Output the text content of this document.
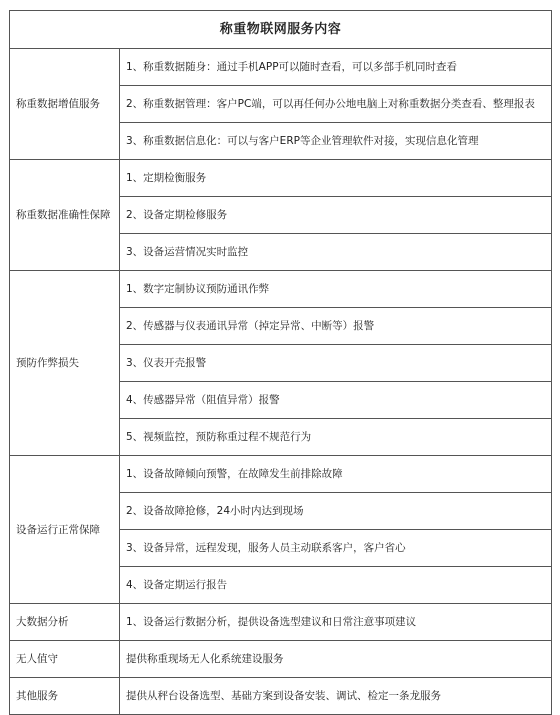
称重物联网服务内容	
称重数据增值服务	1、称重数据随身：通过手机APP可以随时查看，可以多部手机同时查看
	2、称重数据管理：客户PC端，可以再任何办公地电脑上对称重数据分类查看、整理报表
	3、称重数据信息化：可以与客户ERP等企业管理软件对接，实现信息化管理
称重数据准确性保障	1、定期检衡服务
	2、设备定期检修服务
	3、设备运营情况实时监控
预防作弊损失	1、数字定制协议预防通讯作弊
	2、传感器与仪表通讯异常（掉定异常、中断等）报警
	3、仪表开壳报警
	4、传感器异常（阻值异常）报警
	5、视频监控，预防称重过程不规范行为
设备运行正常保障	1、设备故障倾向预警，在故障发生前排除故障
	2、设备故障抢修，24小时内达到现场
	3、设备异常，远程发现，服务人员主动联系客户，客户省心
	4、设备定期运行报告
大数据分析	1、设备运行数据分析，提供设备选型建议和日常注意事项建议
无人值守	提供称重现场无人化系统建设服务
其他服务	提供从秤台设备选型、基础方案到设备安装、调试、检定一条龙服务
